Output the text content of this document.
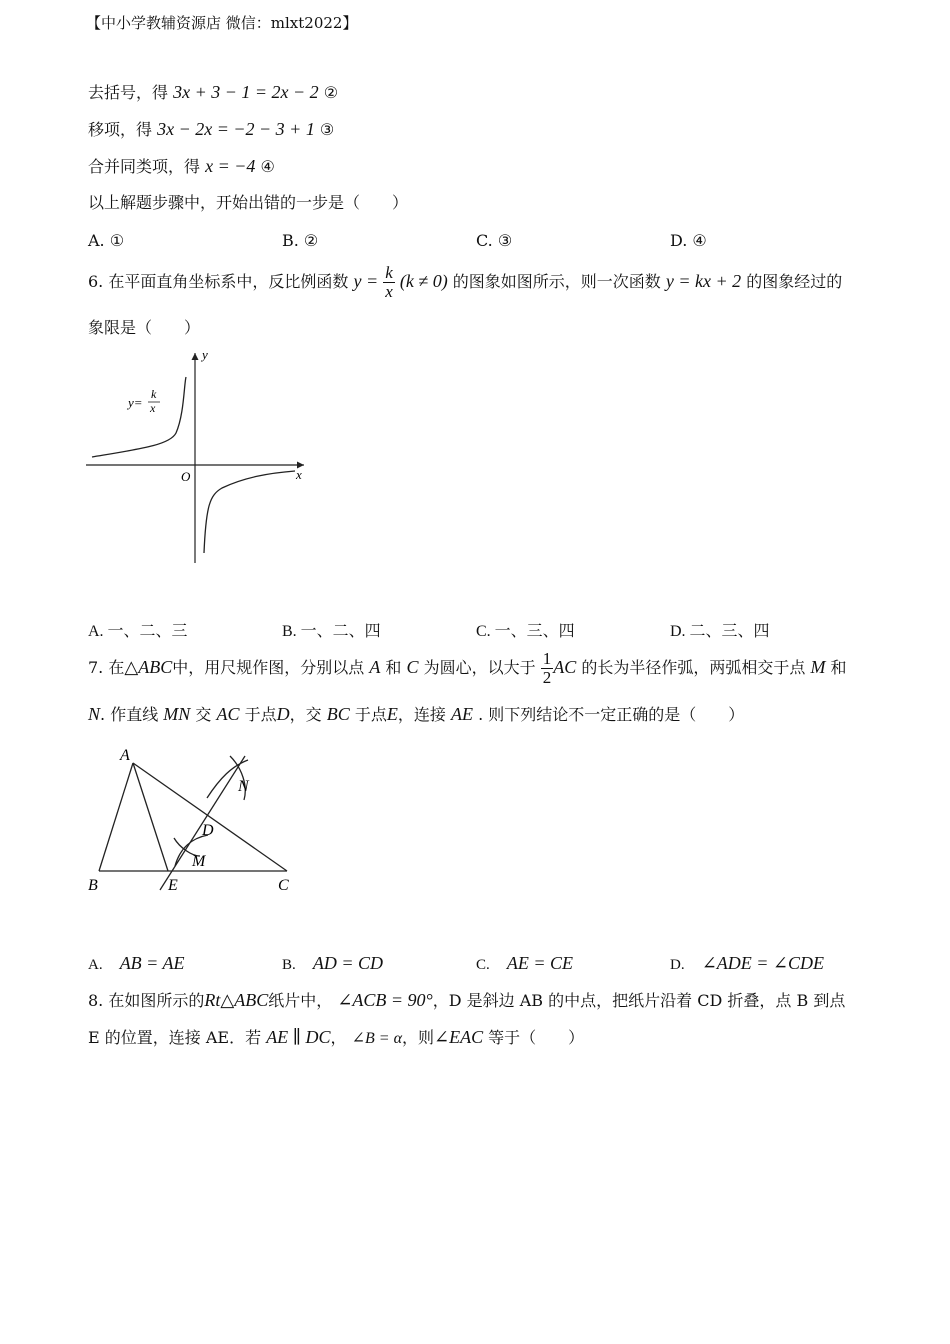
【中小学教辅资源店 微信：mlxt2022】
去括号，得 3x + 3 − 1 = 2x − 2 ②
移项，得 3x − 2x = −2 − 3 + 1 ③
合并同类项，得 x = −4 ④
以上解题步骤中，开始出错的一步是（　　）
A. ①	B. ②	C. ③	D. ④
6. 在平面直角坐标系中，反比例函数 $y = \frac{k}{x} (k \ne 0)$ 的图象如图所示，则一次函数 y = kx + 2 的图象经过的
象限是（　　）
y
x
O
y=
k
x
A. 一、二、三	B. 一、二、四	C. 一、三、四	D. 二、三、四
7. 在△ABC中，用尺规作图，分别以点 A 和 C 为圆心，以大于 $\frac{1}{2}$ AC 的长为半径作弧，两弧相交于点 M 和
N. 作直线 MN 交 AC 于点D，交 BC 于点E，连接 AE . 则下列结论不一定正确的是（　　）
A
B	C
D
E
M
N
A. AB = AE	B. AD = CD	C. AE = CE	D. ∠ADE = ∠CDE
8. 在如图所示的Rt△ABC纸片中， ∠ACB = 90°，D 是斜边 AB 的中点，把纸片沿着 CD 折叠，点 B 到点
E 的位置，连接 AE．若 AE ∥ DC， ∠B = α，则∠EAC 等于（　　）
